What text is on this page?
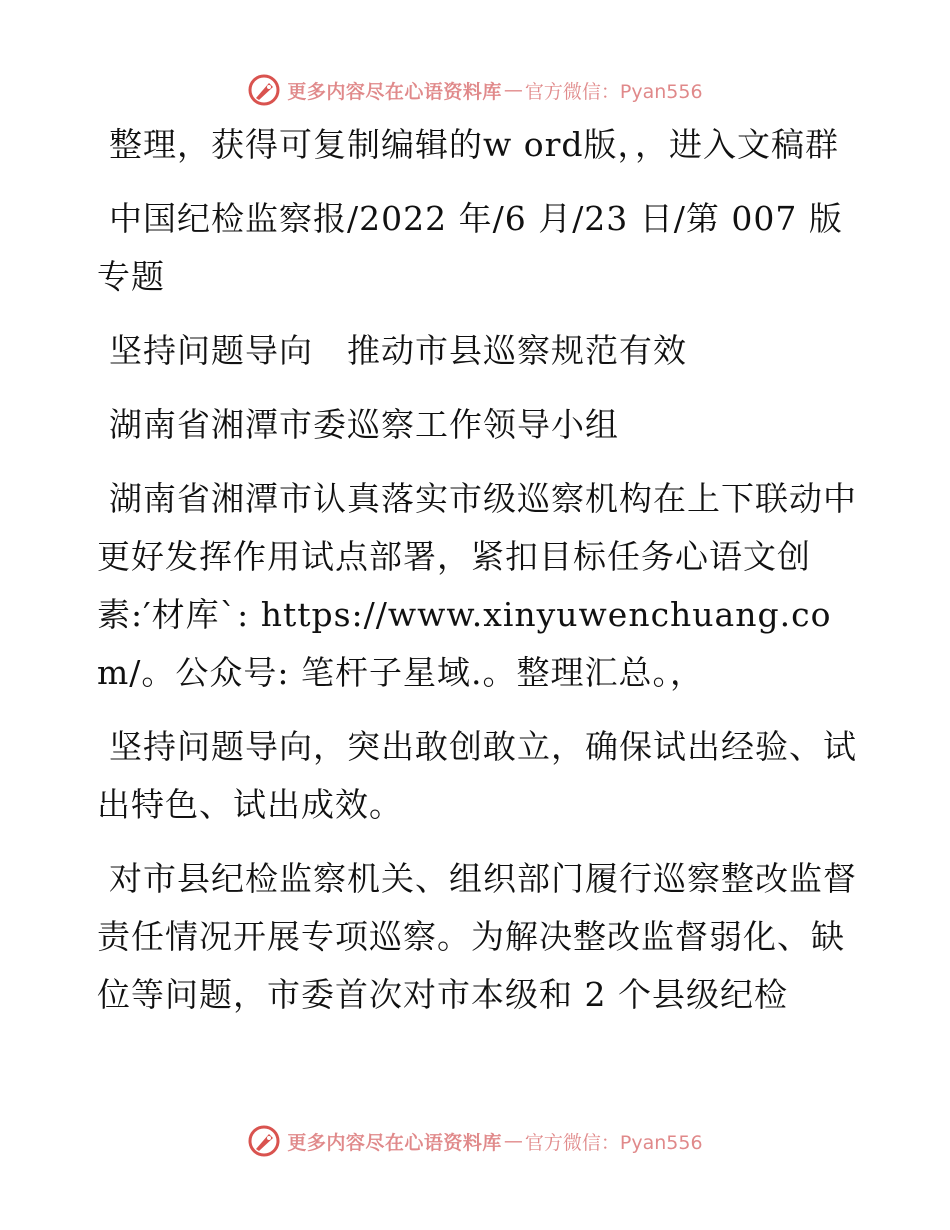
更多内容尽在心语资料库 — 官方微信：Pyan556

整理，获得可复制编辑的w ord版，，进入文稿群

中国纪检监察报/2022 年/6 月/23 日/第 007 版专题

坚持问题导向　推动市县巡察规范有效

湖南省湘潭市委巡察工作领导小组

湖南省湘潭市认真落实市级巡察机构在上下联动中更好发挥作用试点部署，紧扣目标任务心语文创素:′材库`: https://www.xinyuwenchuang.com/。公众号: 笔杆子星域.。整理汇总。，

坚持问题导向，突出敢创敢立，确保试出经验、试出特色、试出成效。

对市县纪检监察机关、组织部门履行巡察整改监督责任情况开展专项巡察。为解决整改监督弱化、缺位等问题，市委首次对市本级和 2 个县级纪检

更多内容尽在心语资料库 — 官方微信：Pyan556
